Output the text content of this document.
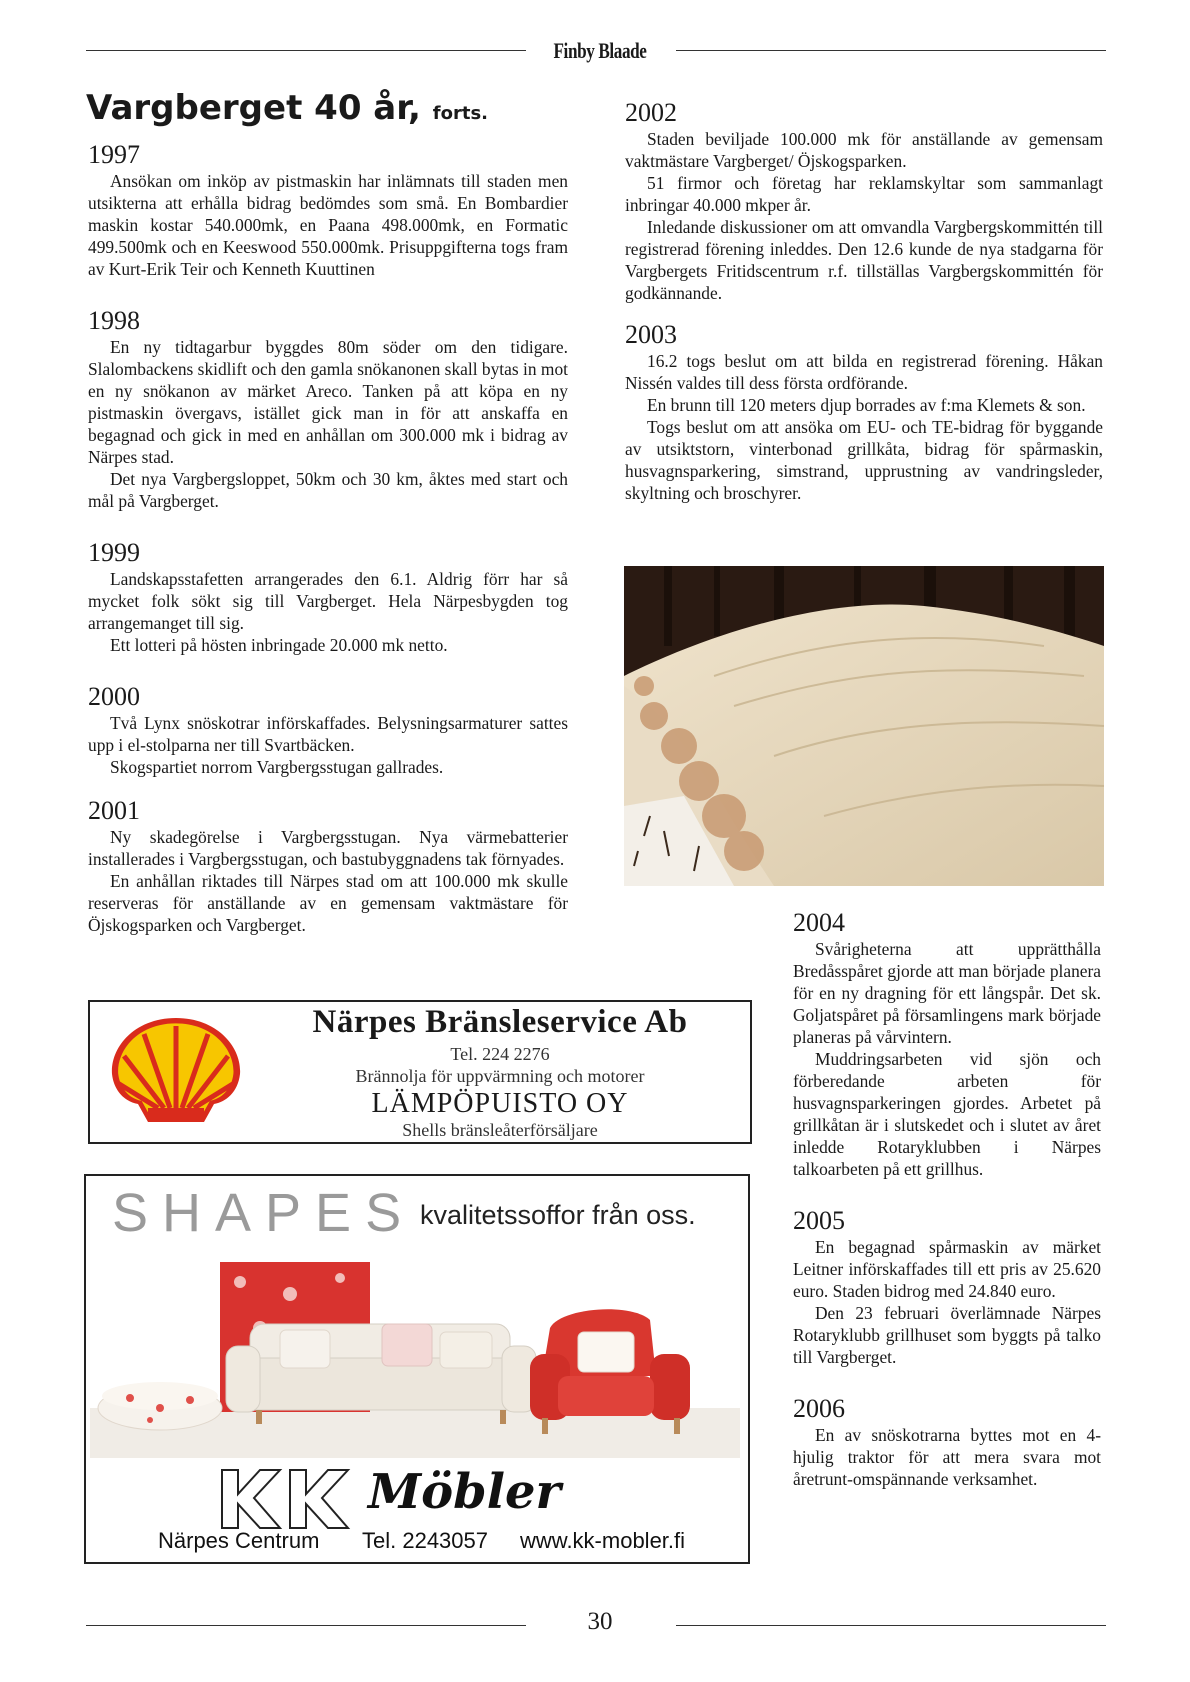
Finby Blaade
Vargberget 40 år, forts.
1997

Ansökan om inköp av pistmaskin har inlämnats till staden men utsikterna att erhålla bidrag bedömdes som små. En Bombardier maskin kostar 540.000mk, en Paana 498.000mk, en Formatic 499.500mk och en Keeswood 550.000mk. Prisuppgifterna togs fram av Kurt-Erik Teir och Kenneth Kuuttinen

1998

En ny tidtagarbur byggdes 80m söder om den tidigare. Slalombackens skidlift och den gamla snökanonen skall bytas in mot en ny snökanon av märket Areco. Tanken på att köpa en ny pistmaskin övergavs, istället gick man in för att anskaffa en begagnad och gick in med en anhållan om 300.000 mk i bidrag av Närpes stad.

Det nya Vargbergsloppet, 50km och 30 km, åktes med start och mål på Vargberget.

1999

Landskapsstafetten arrangerades den 6.1. Aldrig förr har så mycket folk sökt sig till Vargberget. Hela Närpesbygden tog arrangemanget till sig.

Ett lotteri på hösten inbringade 20.000 mk netto.

2000

Två Lynx snöskotrar införskaffades. Belysningsarmaturer sattes upp i el-stolparna ner till Svartbäcken.

Skogspartiet norrom Vargbergsstugan gallrades.

2001

Ny skadegörelse i Vargbergsstugan. Nya värmebatterier installerades i Vargbergsstugan, och bastubyggnadens tak förnyades.

En anhållan riktades till Närpes stad om att 100.000 mk skulle reserveras för anställande av en gemensam vaktmästare för Öjskogsparken och Vargberget.

2002

Staden beviljade 100.000 mk för anställande av gemensam vaktmästare Vargberget/ Öjskogsparken.

51 firmor och företag har reklamskyltar som sammanlagt inbringar 40.000 mkper år.

Inledande diskussioner om att omvandla Vargbergskommittén till registrerad förening inleddes. Den 12.6 kunde de nya stadgarna för Vargbergets Fritidscentrum r.f. tillställas Vargbergskommittén för godkännande.

2003

16.2 togs beslut om att bilda en registrerad förening. Håkan Nissén valdes till dess första ordförande.

En brunn till 120 meters djup borrades av f:ma Klemets & son.

Togs beslut om att ansöka om EU- och TE-bidrag för byggande av utsiktstorn, vinterbonad grillkåta, bidrag för spårmaskin, husvagnsparkering, simstrand, upprustning av vandringsleder, skyltning och broschyrer.

2004

Svårigheterna att upprätthålla Bredåsspåret gjorde att man började planera för en ny dragning för ett långspår. Det sk. Goljatspåret på församlingens mark började planeras på vårvintern.

Muddringsarbeten vid sjön och förberedande arbeten för husvagnsparkeringen gjordes. Arbetet på grillkåtan är i slutskedet och i slutet av året inledde Rotaryklubben i Närpes talkoarbeten på ett grillhus.

2005

En begagnad spårmaskin av märket Leitner införskaffades till ett pris av 25.620 euro. Staden bidrog med 24.840 euro.

Den 23 februari överlämnade Närpes Rotaryklubb grillhuset som byggts på talko till Vargberget.

2006

En av snöskotrarna byttes mot en 4-hjulig traktor för att mera svara mot åretrunt-omspännande verksamhet.

Närpes Bränsleservice Ab
Tel. 224 2276
Brännolja för uppvärmning och motorer
LÄMPÖPUISTO OY
Shells bränsleåterförsäljare
SHAPES kvalitetssoffor från oss.
Möbler
Närpes Centrum Tel. 2243057 www.kk-mobler.fi
30
